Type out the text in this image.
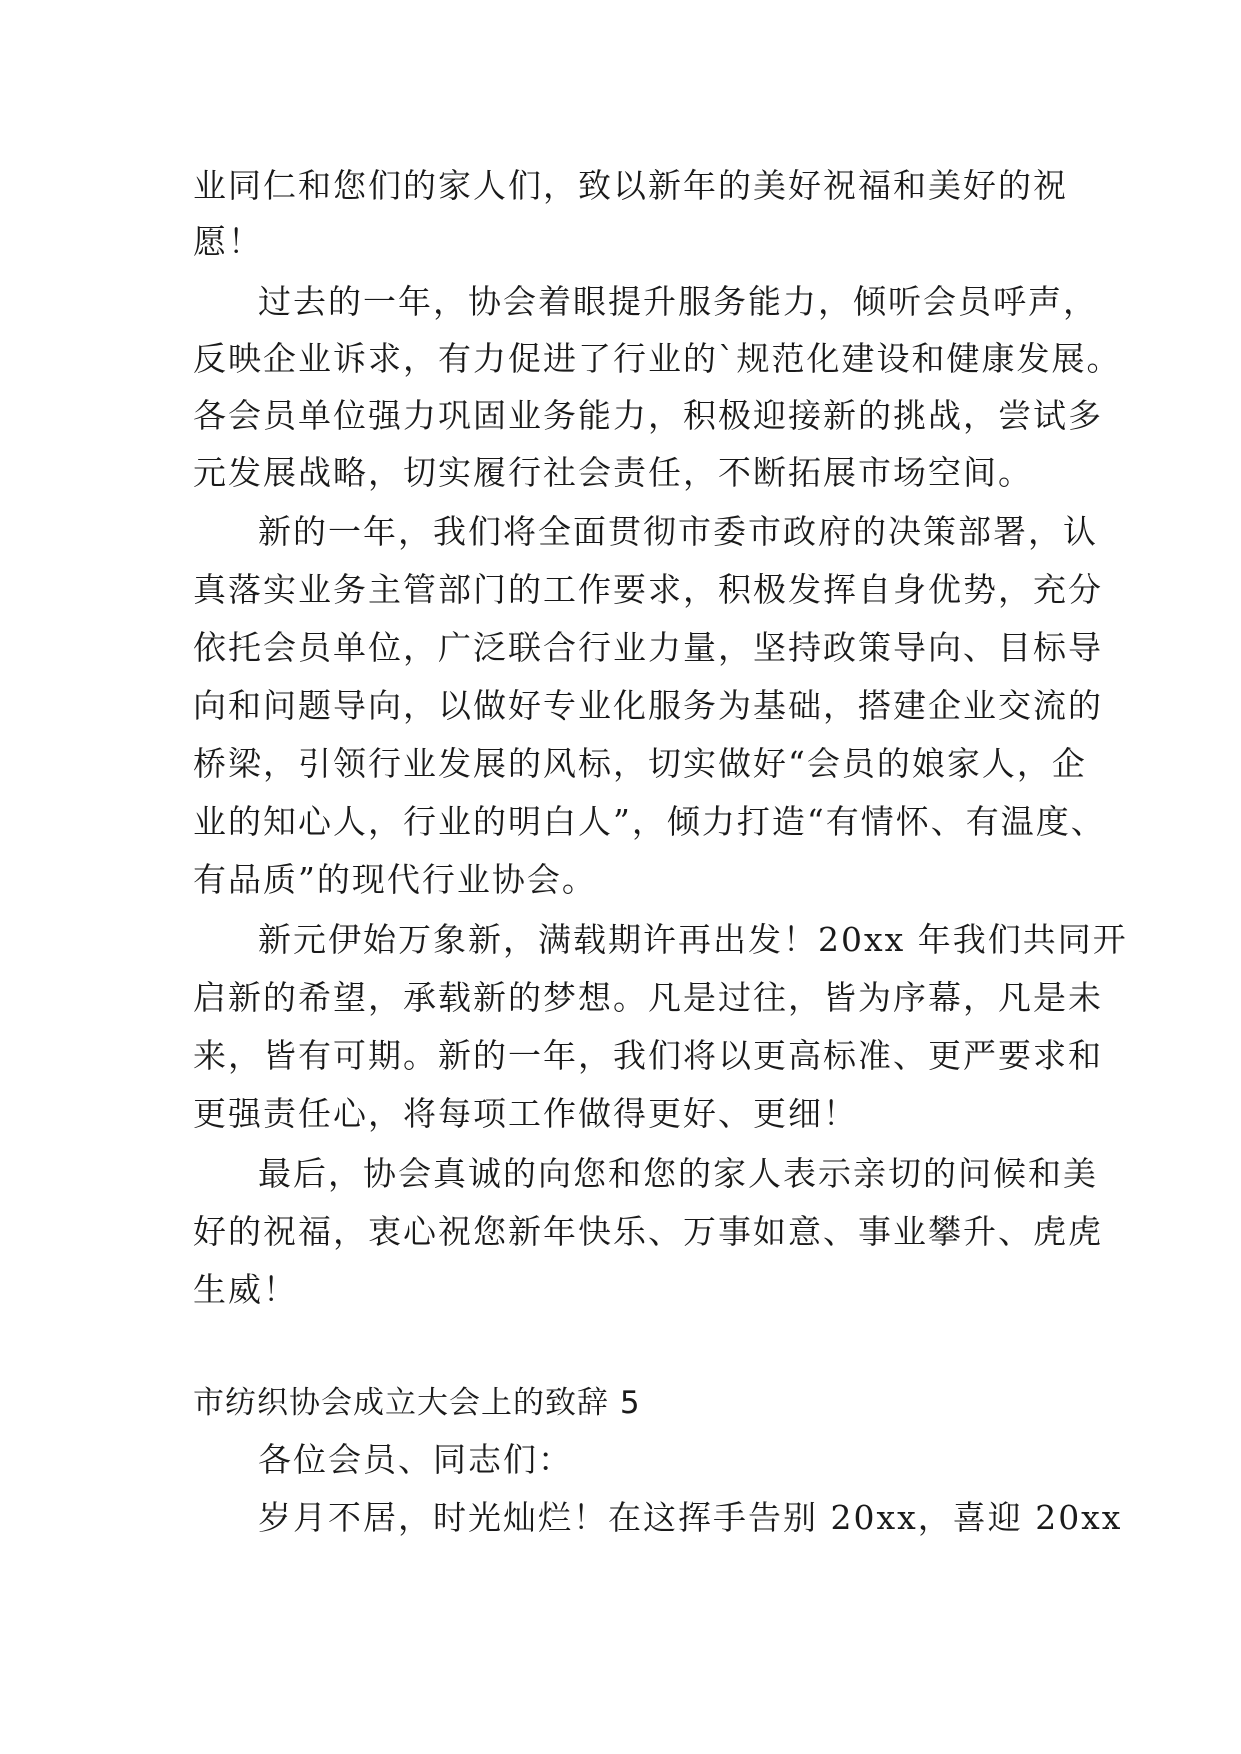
业同仁和您们的家人们，致以新年的美好祝福和美好的祝
愿！
过去的一年，协会着眼提升服务能力，倾听会员呼声，
反映企业诉求，有力促进了行业的`规范化建设和健康发展。
各会员单位强力巩固业务能力，积极迎接新的挑战，尝试多
元发展战略，切实履行社会责任，不断拓展市场空间。
新的一年，我们将全面贯彻市委市政府的决策部署，认
真落实业务主管部门的工作要求，积极发挥自身优势，充分
依托会员单位，广泛联合行业力量，坚持政策导向、目标导
向和问题导向，以做好专业化服务为基础，搭建企业交流的
桥梁，引领行业发展的风标，切实做好“会员的娘家人，企
业的知心人，行业的明白人”，倾力打造“有情怀、有温度、
有品质”的现代行业协会。
新元伊始万象新，满载期许再出发！20xx 年我们共同开
启新的希望，承载新的梦想。凡是过往，皆为序幕，凡是未
来，皆有可期。新的一年，我们将以更高标准、更严要求和
更强责任心，将每项工作做得更好、更细！
最后，协会真诚的向您和您的家人表示亲切的问候和美
好的祝福，衷心祝您新年快乐、万事如意、事业攀升、虎虎
生威！
市纺织协会成立大会上的致辞 5
各位会员、同志们：
岁月不居，时光灿烂！在这挥手告别 20xx，喜迎 20xx
